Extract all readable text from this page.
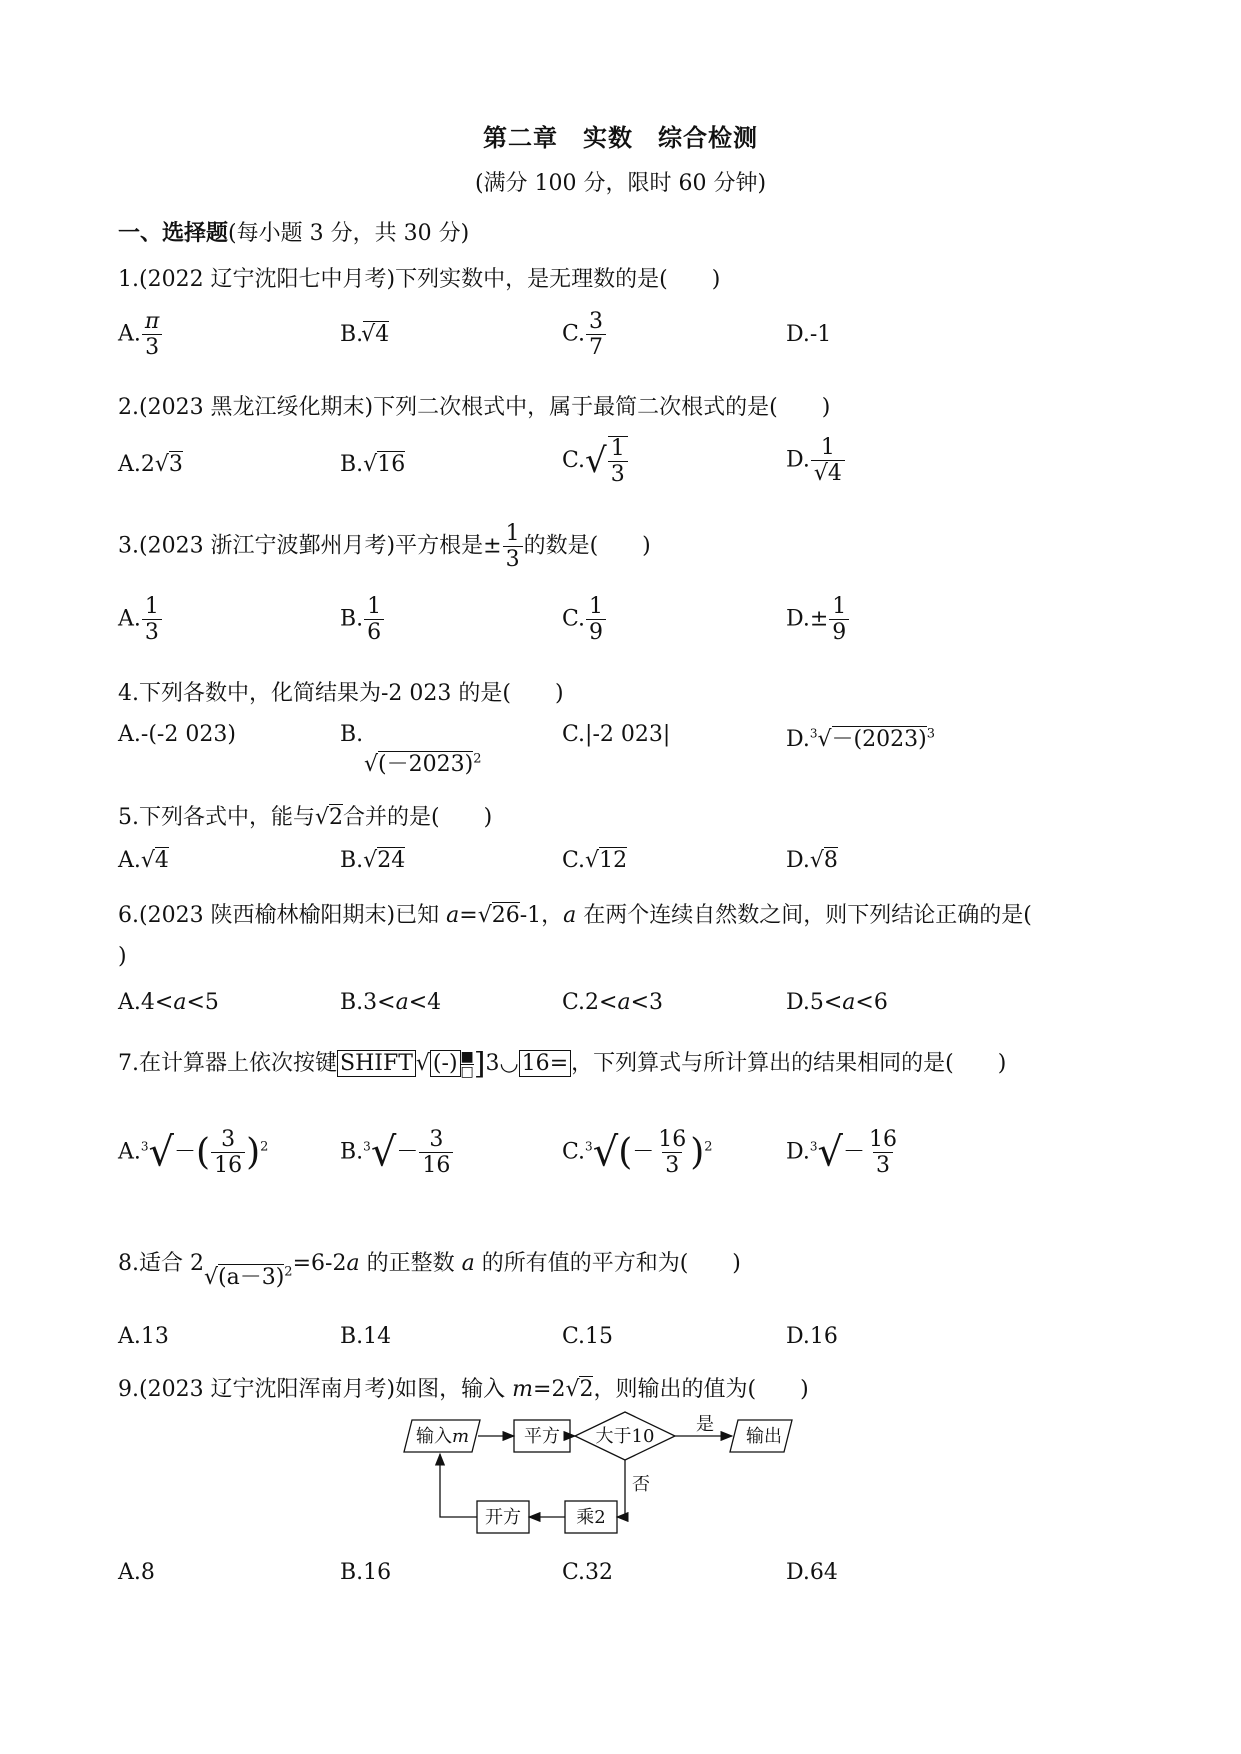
第二章　实数　综合检测
(满分 100 分，限时 60 分钟)
一、选择题(每小题 3 分，共 30 分)
1.(2022 辽宁沈阳七中月考)下列实数中，是无理数的是(　　)
A. $\frac{\pi}{3}$	B.√4	C. $\frac{3}{7}$	D.-1
2.(2023 黑龙江绥化期末)下列二次根式中，属于最简二次根式的是(　　)
A.2√3	B.√16	$C.√ \frac{1}{3}$	D. $\frac{1}{√4}$
3.(2023 浙江宁波鄞州月考)平方根是± $\frac{1}{3}$ 的数是(　　)
A. $\frac{1}{3}$	B. $\frac{1}{6}$	C. $\frac{1}{9}$	$D.\pm \frac{1}{9}$
4.下列各数中，化简结果为-2 023 的是(　　)
A.-(-2 023)	B.
$√(-2023)^2$
C.|-2 023|	$D.^3√-(2023)^3$
5.下列各式中，能与√2合并的是(　　)
A.√4	B.√24	C.√12	D.√8
6.(2023 陕西榆林榆阳期末)已知 a=√26-1，a 在两个连续自然数之间，则下列结论正确的是(
)
A.4<a<5	B.3<a<4	C.2<a<3	D.5<a<6
7.在计算器上依次按键 SHIFT √ (-) ■
□ ]3◡ 16= ，下列算式与所计算出的结果相同的是(　　)
$A.^3√-( \frac{3}{16} )^2$	$B.^3√- \frac{3}{16}$	$C.^3√(- \frac{16}{3} )^2$	$D.^3√- \frac{16}{3}$
8.适合 $2√(a-3)^2=6-2a$ 的正整数 a 的所有值的平方和为(　　)
A.13	B.14	C.15	D.16
9.(2023 辽宁沈阳浑南月考)如图，输入 m=2√2，则输出的值为(　　)
输入m	平方 大于10	输出
开方	乘2
是
否
A.8	B.16	C.32	D.64
